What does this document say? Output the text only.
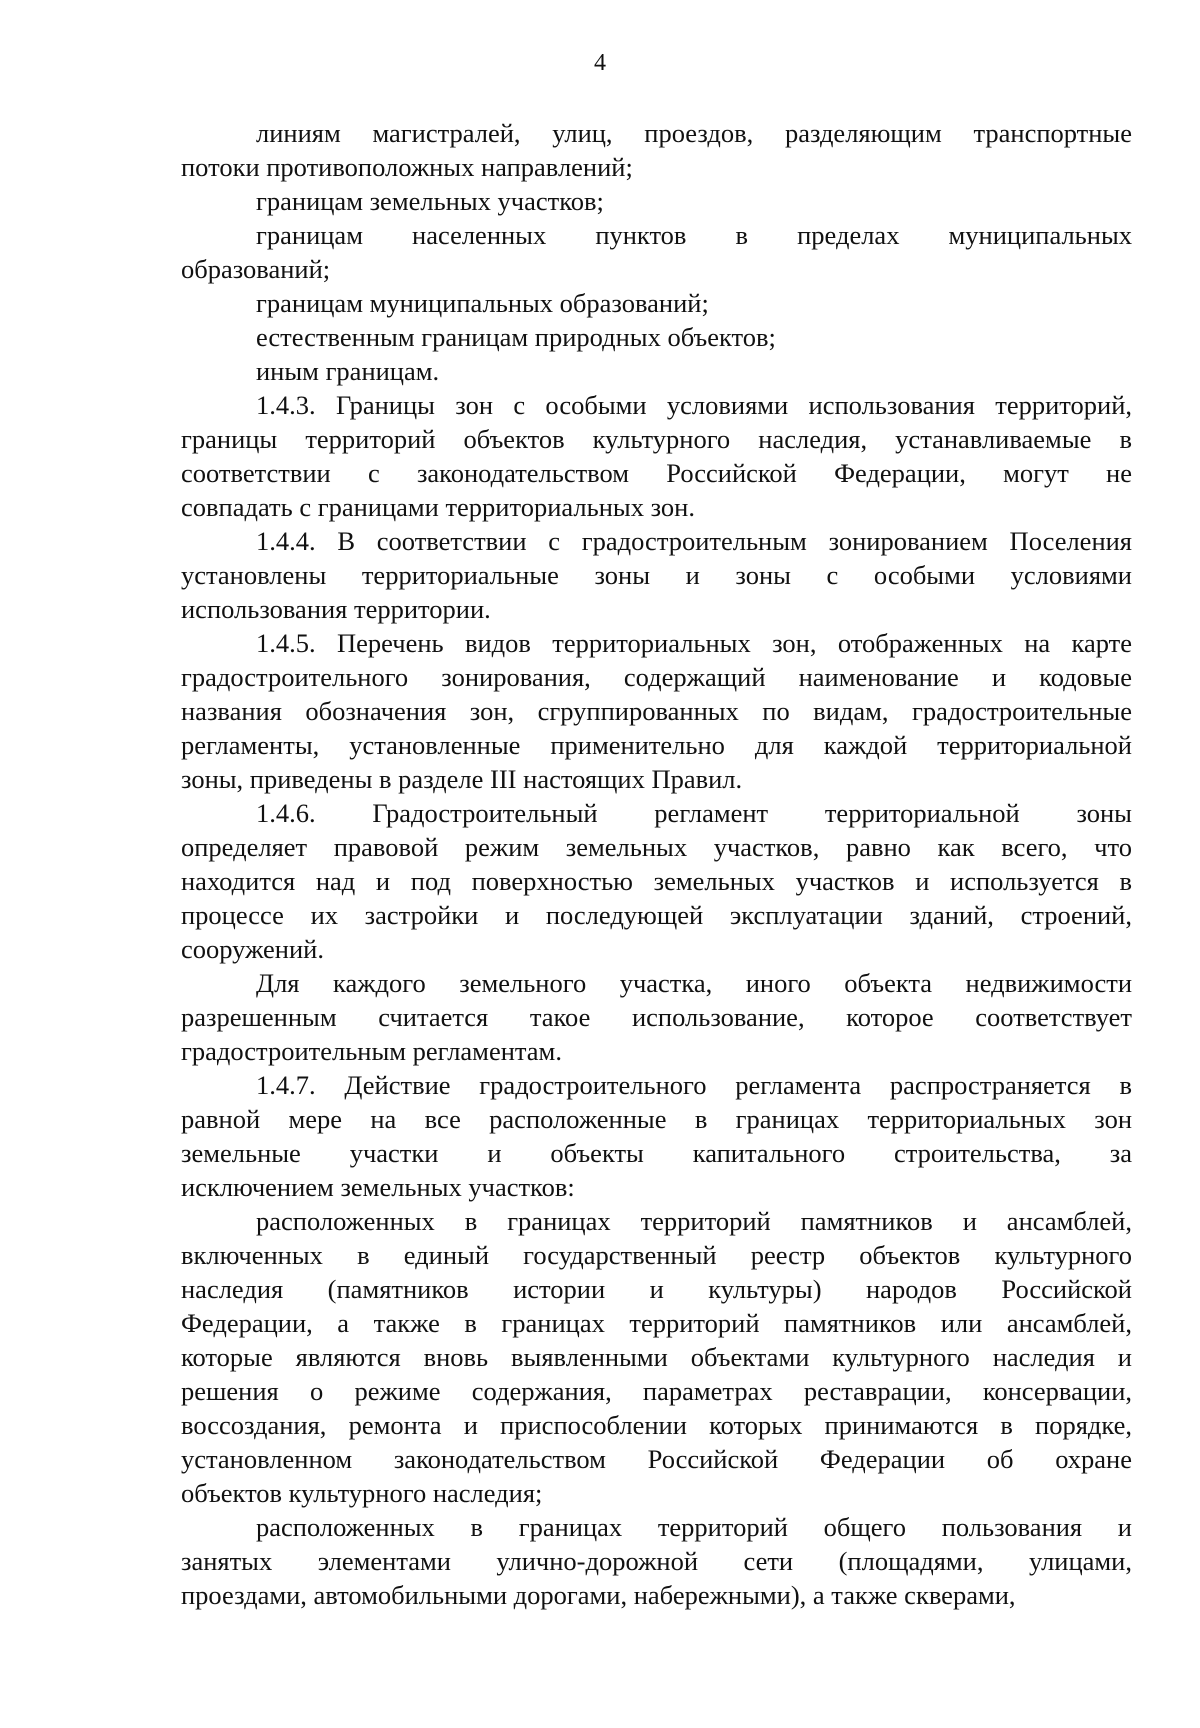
4
линиям магистралей, улиц, проездов, разделяющим транспортные
потоки противоположных направлений;
границам земельных участков;
границам населенных пунктов в пределах муниципальных
образований;
границам муниципальных образований;
естественным границам природных объектов;
иным границам.
1.4.3. Границы зон с особыми условиями использования территорий,
границы территорий объектов культурного наследия, устанавливаемые в
соответствии с законодательством Российской Федерации, могут не
совпадать с границами территориальных зон.
1.4.4. В соответствии с градостроительным зонированием Поселения
установлены территориальные зоны и зоны с особыми условиями
использования территории.
1.4.5. Перечень видов территориальных зон, отображенных на карте
градостроительного зонирования, содержащий наименование и кодовые
названия обозначения зон, сгруппированных по видам, градостроительные
регламенты, установленные применительно для каждой территориальной
зоны, приведены в разделе III настоящих Правил.
1.4.6. Градостроительный регламент территориальной зоны
определяет правовой режим земельных участков, равно как всего, что
находится над и под поверхностью земельных участков и используется в
процессе их застройки и последующей эксплуатации зданий, строений,
сооружений.
Для каждого земельного участка, иного объекта недвижимости
разрешенным считается такое использование, которое соответствует
градостроительным регламентам.
1.4.7. Действие градостроительного регламента распространяется в
равной мере на все расположенные в границах территориальных зон
земельные участки и объекты капитального строительства, за
исключением земельных участков:
расположенных в границах территорий памятников и ансамблей,
включенных в единый государственный реестр объектов культурного
наследия (памятников истории и культуры) народов Российской
Федерации, а также в границах территорий памятников или ансамблей,
которые являются вновь выявленными объектами культурного наследия и
решения о режиме содержания, параметрах реставрации, консервации,
воссоздания, ремонта и приспособлении которых принимаются в порядке,
установленном законодательством Российской Федерации об охране
объектов культурного наследия;
расположенных в границах территорий общего пользования и
занятых элементами улично-дорожной сети (площадями, улицами,
проездами, автомобильными дорогами, набережными), а также скверами,
